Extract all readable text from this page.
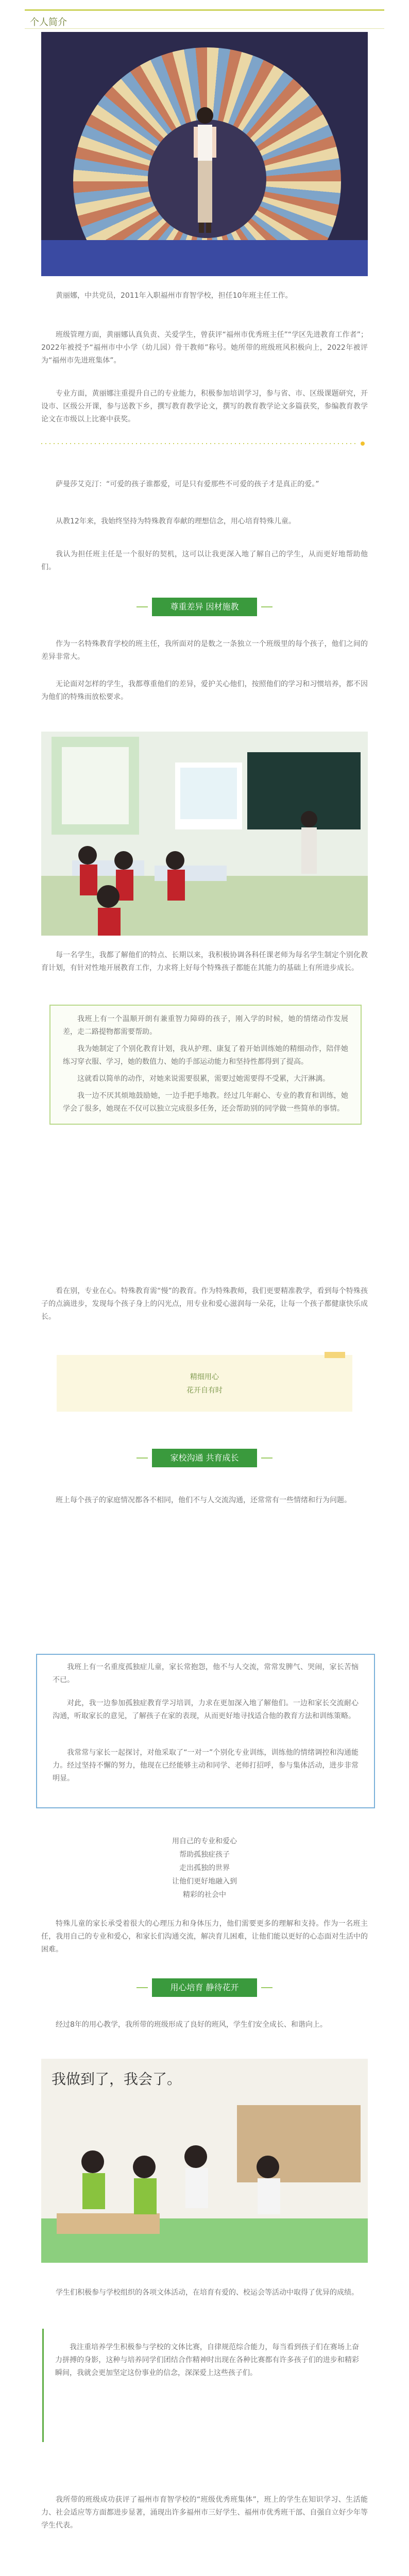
个人简介

黄丽娜，中共党员，2011年入职福州市育智学校，担任10年班主任工作。

班级管理方面，黄丽娜认真负责、关爱学生，曾获评“福州市优秀班主任”“学区先进教育工作者”；2022年被授予“福州市中小学（幼儿园）骨干教师”称号。她所带的班级班风积极向上，2022年被评为“福州市先进班集体”。

专业方面，黄丽娜注重提升自己的专业能力，积极参加培训学习，参与省、市、区级课题研究，开设市、区级公开课，参与送教下乡，撰写教育教学论文，撰写的教育教学论文多篇获奖，参编教育教学论文在市级以上比赛中获奖。

萨曼莎艾克汀：“可爱的孩子谁都爱，可是只有爱那些不可爱的孩子才是真正的爱。”

从教12年来，我始终坚持为特殊教育奉献的理想信念，用心培育特殊儿童。

我认为担任班主任是一个很好的契机，这可以让我更深入地了解自己的学生，从而更好地帮助他们。

尊重差异 因材施教

作为一名特殊教育学校的班主任，我所面对的是数之一条独立一个班级里的每个孩子，他们之间的差异非常大。

无论面对怎样的学生，我都尊重他们的差异，爱护关心他们，按照他们的学习和习惯培养，都不因为他们的特殊而放松要求。

每一名学生，我都了解他们的特点、长期以来，我积极协调各科任课老师为每名学生制定个别化教育计划，有针对性地开展教育工作，力求将上好每个特殊孩子都能在其能力的基础上有所进步成长。

我班上有一个温顺开朗有兼重智力障碍的孩子，刚入学的时候，她的情绪动作发展差，走二路提物都需要帮助。

我为她制定了个别化教育计划，我从护理、康复了着开始训练她的精细动作，陪伴她练习穿衣服、学习，她的数值力、她的手部运动能力和坚持性都得到了提高。

这就看以简单的动作，对她来说需要很累，需要过她需要得不受累，大汗淋漓。

我一边不厌其烦地鼓励她，一边手把手地教。经过几年耐心、专业的教育和训练，她学会了很多，她现在不仅可以独立完成很多任务，还会帮助别的同学做一些简单的事情。

看在别，专业在心。特殊教育需“慢”的教育。作为特殊教师，我们更要精准教学，看到每个特殊孩子的点滴进步，发现每个孩子身上的闪光点，用专业和爱心滋润每一朵花，让每一个孩子都健康快乐成长。

精细用心
花开自有时
家校沟通 共育成长

班上每个孩子的家庭情况都各不相同，他们不与人交流沟通，还常常有一些情绪和行为问题。

我班上有一名重度孤独症儿童，家长常抱怨，他不与人交流，常常发脾气、哭闹，家长苦恼不已。

对此，我一边参加孤独症教育学习培训，力求在更加深入地了解他们。一边和家长交流耐心沟通，听取家长的意见，了解孩子在家的表现，从而更好地寻找适合他的教育方法和训练策略。

我常常与家长一起探讨，对他采取了“一对一”个别化专业训练，训练他的情绪调控和沟通能力。经过坚持不懈的努力，他现在已经能够主动和同学、老师打招呼，参与集体活动，进步非常明显。

用自己的专业和爱心

帮助孤独症孩子

走出孤独的世界

让他们更好地融入到

精彩的社会中

特殊儿童的家长承受着很大的心理压力和身体压力，他们需要更多的理解和支持。作为一名班主任，我用自己的专业和爱心，和家长们沟通交流，解决育儿困难，让他们能以更好的心态面对生活中的困难。

用心培育 静待花开

经过8年的用心教学，我所带的班级形成了良好的班风，学生们安全成长、和谐向上。

我做到了，我会了。

学生们积极参与学校组织的各项文体活动，在培育有爱的、校运会等活动中取得了优异的成绩。

我注重培养学生积极参与学校的文体比赛，自律规范综合能力，每当看到孩子们在赛场上奋力拼搏的身影，这种与培养同学们团结合作精神时出现在各种比赛都有许多孩子们的进步和精彩瞬间，我就会更加坚定这份事业的信念，深深爱上这些孩子们。

我所带的班级成功获评了福州市育智学校的“班级优秀班集体”，班上的学生在知识学习、生活能力、社会适应等方面都进步显著，涌现出许多福州市三好学生、福州市优秀班干部、自强自立好少年等学生代表。
